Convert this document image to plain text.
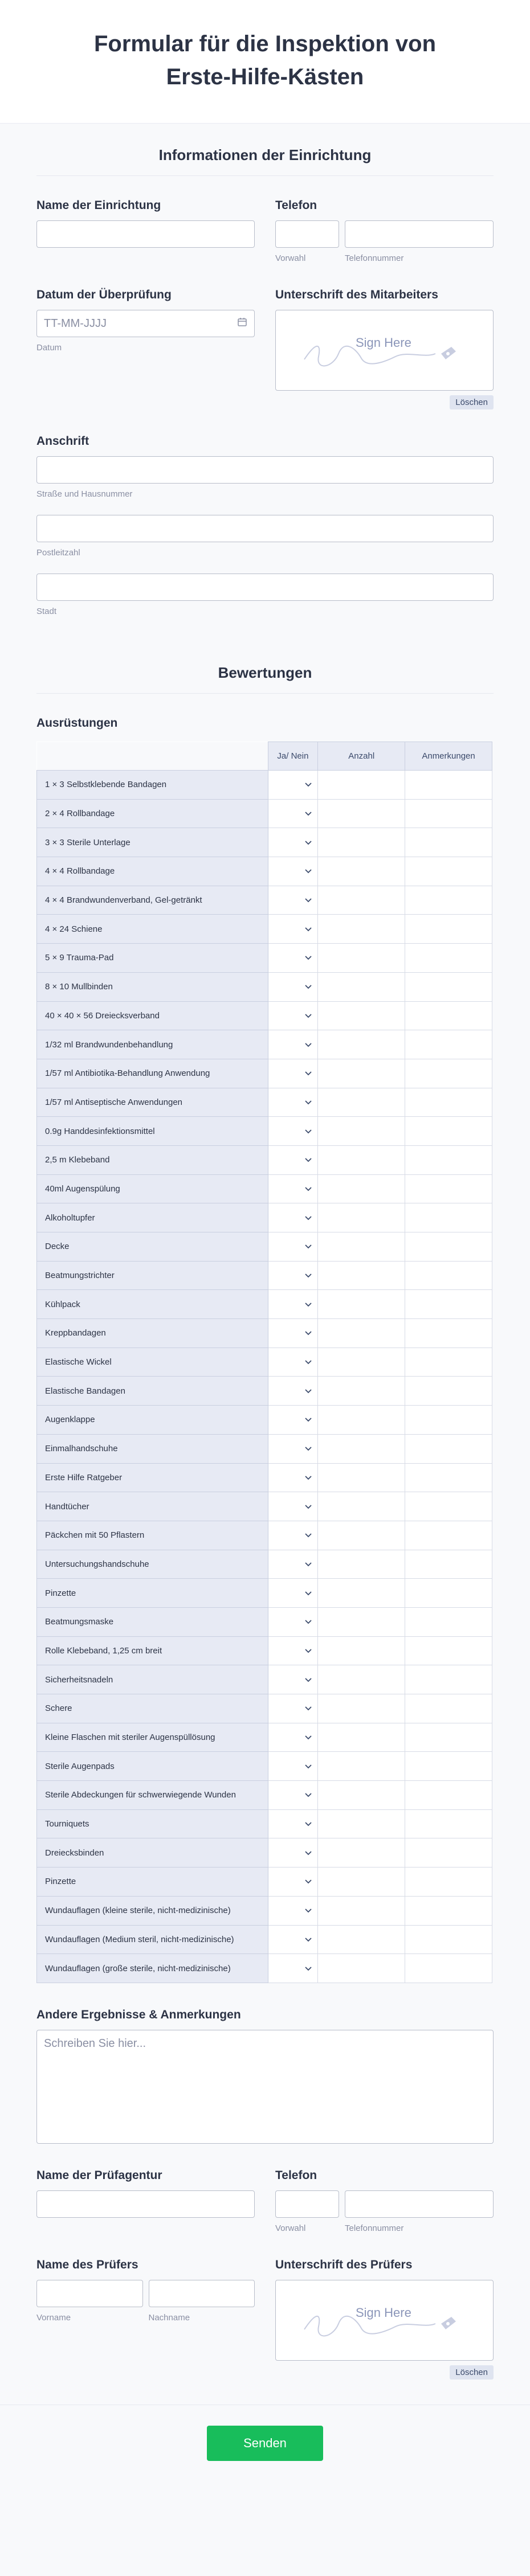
Formular für die Inspektion von Erste-Hilfe-Kästen
Informationen der Einrichtung
Name der Einrichtung	Telefon
Vorwahl	Telefonnummer
Datum der Überprüfung
TT-MM-JJJJ
Datum
Unterschrift des Mitarbeiters
Sign Here
Löschen
Anschrift
Straße und Hausnummer
Postleitzahl
Stadt
Bewertungen
Ausrüstungen
	Ja/ Nein	Anzahl	Anmerkungen
1 × 3 Selbstklebende Bandagen			
2 × 4 Rollbandage			
3 × 3 Sterile Unterlage			
4 × 4 Rollbandage			
4 × 4 Brandwundenverband, Gel-getränkt			
4 × 24 Schiene			
5 × 9 Trauma-Pad			
8 × 10 Mullbinden			
40 × 40 × 56 Dreiecksverband			
1/32 ml Brandwundenbehandlung			
1/57 ml Antibiotika-Behandlung Anwendung			
1/57 ml Antiseptische Anwendungen			
0.9g Handdesinfektionsmittel			
2,5 m Klebeband			
40ml Augenspülung			
Alkoholtupfer			
Decke			
Beatmungstrichter			
Kühlpack			
Kreppbandagen			
Elastische Wickel			
Elastische Bandagen			
Augenklappe			
Einmalhandschuhe			
Erste Hilfe Ratgeber			
Handtücher			
Päckchen mit 50 Pflastern			
Untersuchungshandschuhe			
Pinzette			
Beatmungsmaske			
Rolle Klebeband, 1,25 cm breit			
Sicherheitsnadeln			
Schere			
Kleine Flaschen mit steriler Augenspüllösung			
Sterile Augenpads			
Sterile Abdeckungen für schwerwiegende Wunden			
Tourniquets			
Dreiecksbinden			
Pinzette			
Wundauflagen (kleine sterile, nicht-medizinische)			
Wundauflagen (Medium steril, nicht-medizinische)			
Wundauflagen (große sterile, nicht-medizinische)			
Andere Ergebnisse & Anmerkungen
Schreiben Sie hier...
Name der Prüfagentur	Telefon
Vorwahl	Telefonnummer
Name des Prüfers
Vorname	Nachname
Unterschrift des Prüfers
Sign Here
Löschen
Senden
